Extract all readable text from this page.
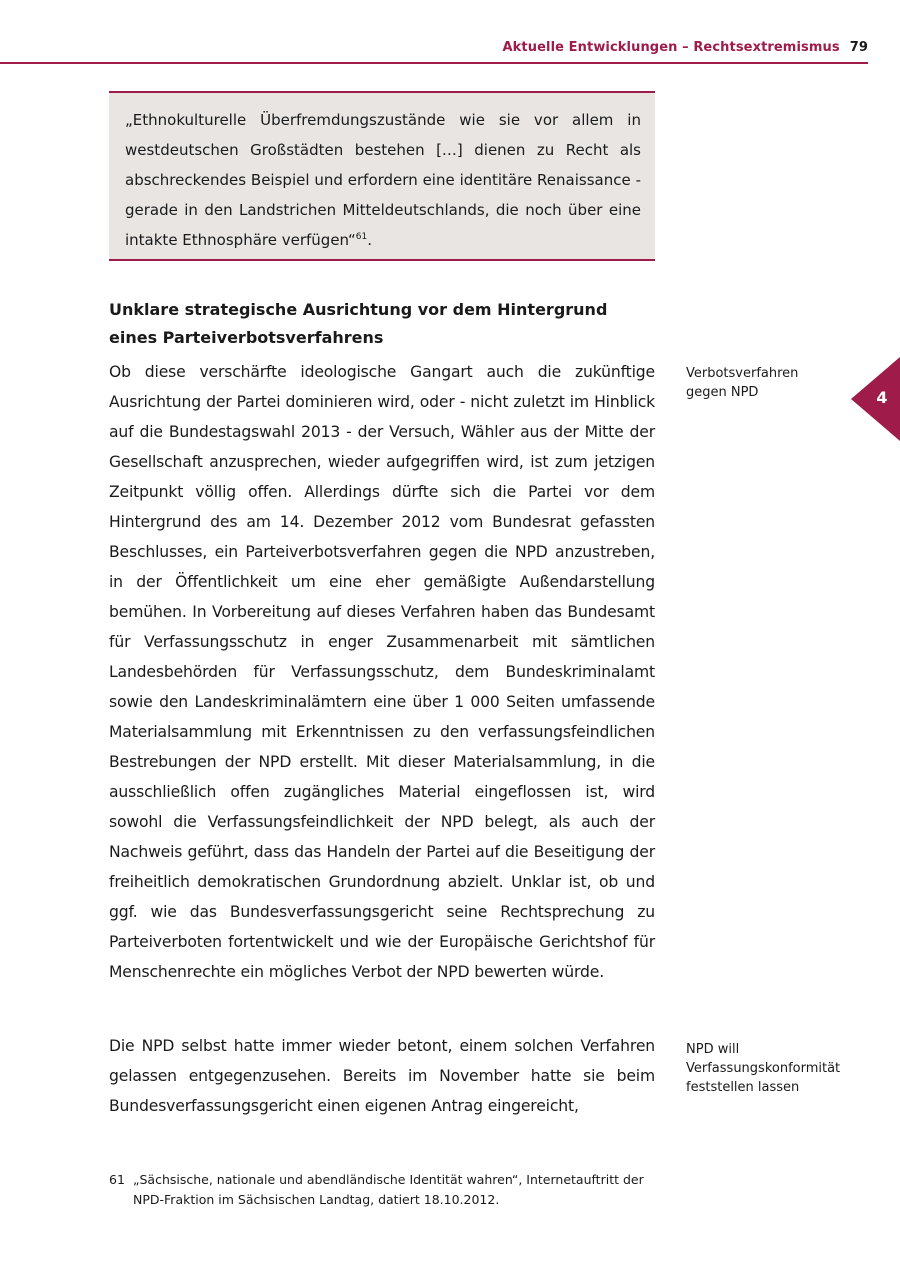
Aktuelle Entwicklungen – Rechtsextremismus 79

„Ethnokulturelle Überfremdungszustände wie sie vor allem in westdeutschen Großstädten bestehen […] dienen zu Recht als abschreckendes Beispiel und erfordern eine identitäre Renaissance - gerade in den Landstrichen Mitteldeutschlands, die noch über eine intakte Ethnosphäre verfügen“$^{61}$.

Unklare strategische Ausrichtung vor dem Hintergrund eines Parteiverbotsverfahrens

Ob diese verschärfte ideologische Gangart auch die zukünftige Ausrichtung der Partei dominieren wird, oder - nicht zuletzt im Hinblick auf die Bundestagswahl 2013 - der Versuch, Wähler aus der Mitte der Gesellschaft anzusprechen, wieder aufgegriffen wird, ist zum jetzigen Zeitpunkt völlig offen. Allerdings dürfte sich die Partei vor dem Hintergrund des am 14. Dezember 2012 vom Bundesrat gefassten Beschlusses, ein Parteiverbotsverfahren gegen die NPD anzustreben, in der Öffentlichkeit um eine eher gemäßigte Außendarstellung bemühen. In Vorbereitung auf dieses Verfahren haben das Bundesamt für Verfassungsschutz in enger Zusammenarbeit mit sämtlichen Landesbehörden für Verfassungsschutz, dem Bundeskriminalamt sowie den Landeskriminalämtern eine über 1 000 Seiten umfassende Materialsammlung mit Erkenntnissen zu den verfassungsfeindlichen Bestrebungen der NPD erstellt. Mit dieser Materialsammlung, in die ausschließlich offen zugängliches Material eingeflossen ist, wird sowohl die Verfassungsfeindlichkeit der NPD belegt, als auch der Nachweis geführt, dass das Handeln der Partei auf die Beseitigung der freiheitlich demokratischen Grundordnung abzielt. Unklar ist, ob und ggf. wie das Bundesverfassungsgericht seine Rechtsprechung zu Parteiverboten fortentwickelt und wie der Europäische Gerichtshof für Menschenrechte ein mögliches Verbot der NPD bewerten würde.

Die NPD selbst hatte immer wieder betont, einem solchen Verfahren gelassen entgegenzusehen. Bereits im November hatte sie beim Bundesverfassungsgericht einen eigenen Antrag eingereicht,

Verbotsverfahren gegen NPD
NPD will Verfassungskonformität feststellen lassen
4
61 „Sächsische, nationale und abendländische Identität wahren“, Internetauftritt der NPD-Fraktion im Sächsischen Landtag, datiert 18.10.2012.
